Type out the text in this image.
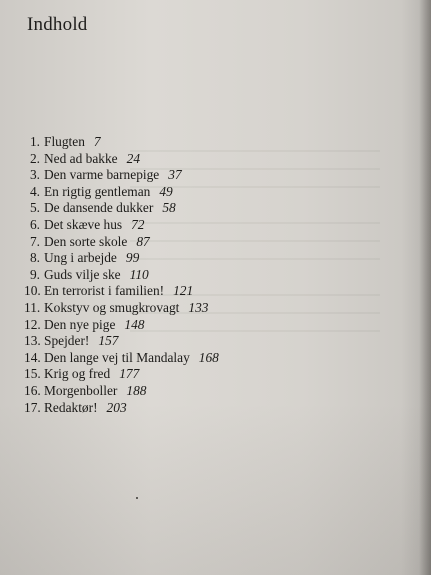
Indhold
1. Flugten 7
2. Ned ad bakke 24
3. Den varme barnepige 37
4. En rigtig gentleman 49
5. De dansende dukker 58
6. Det skæve hus 72
7. Den sorte skole 87
8. Ung i arbejde 99
9. Guds vilje ske 110
10. En terrorist i familien! 121
11. Kokstyv og smugkrovagt 133
12. Den nye pige 148
13. Spejder! 157
14. Den lange vej til Mandalay 168
15. Krig og fred 177
16. Morgenboller 188
17. Redaktør! 203
